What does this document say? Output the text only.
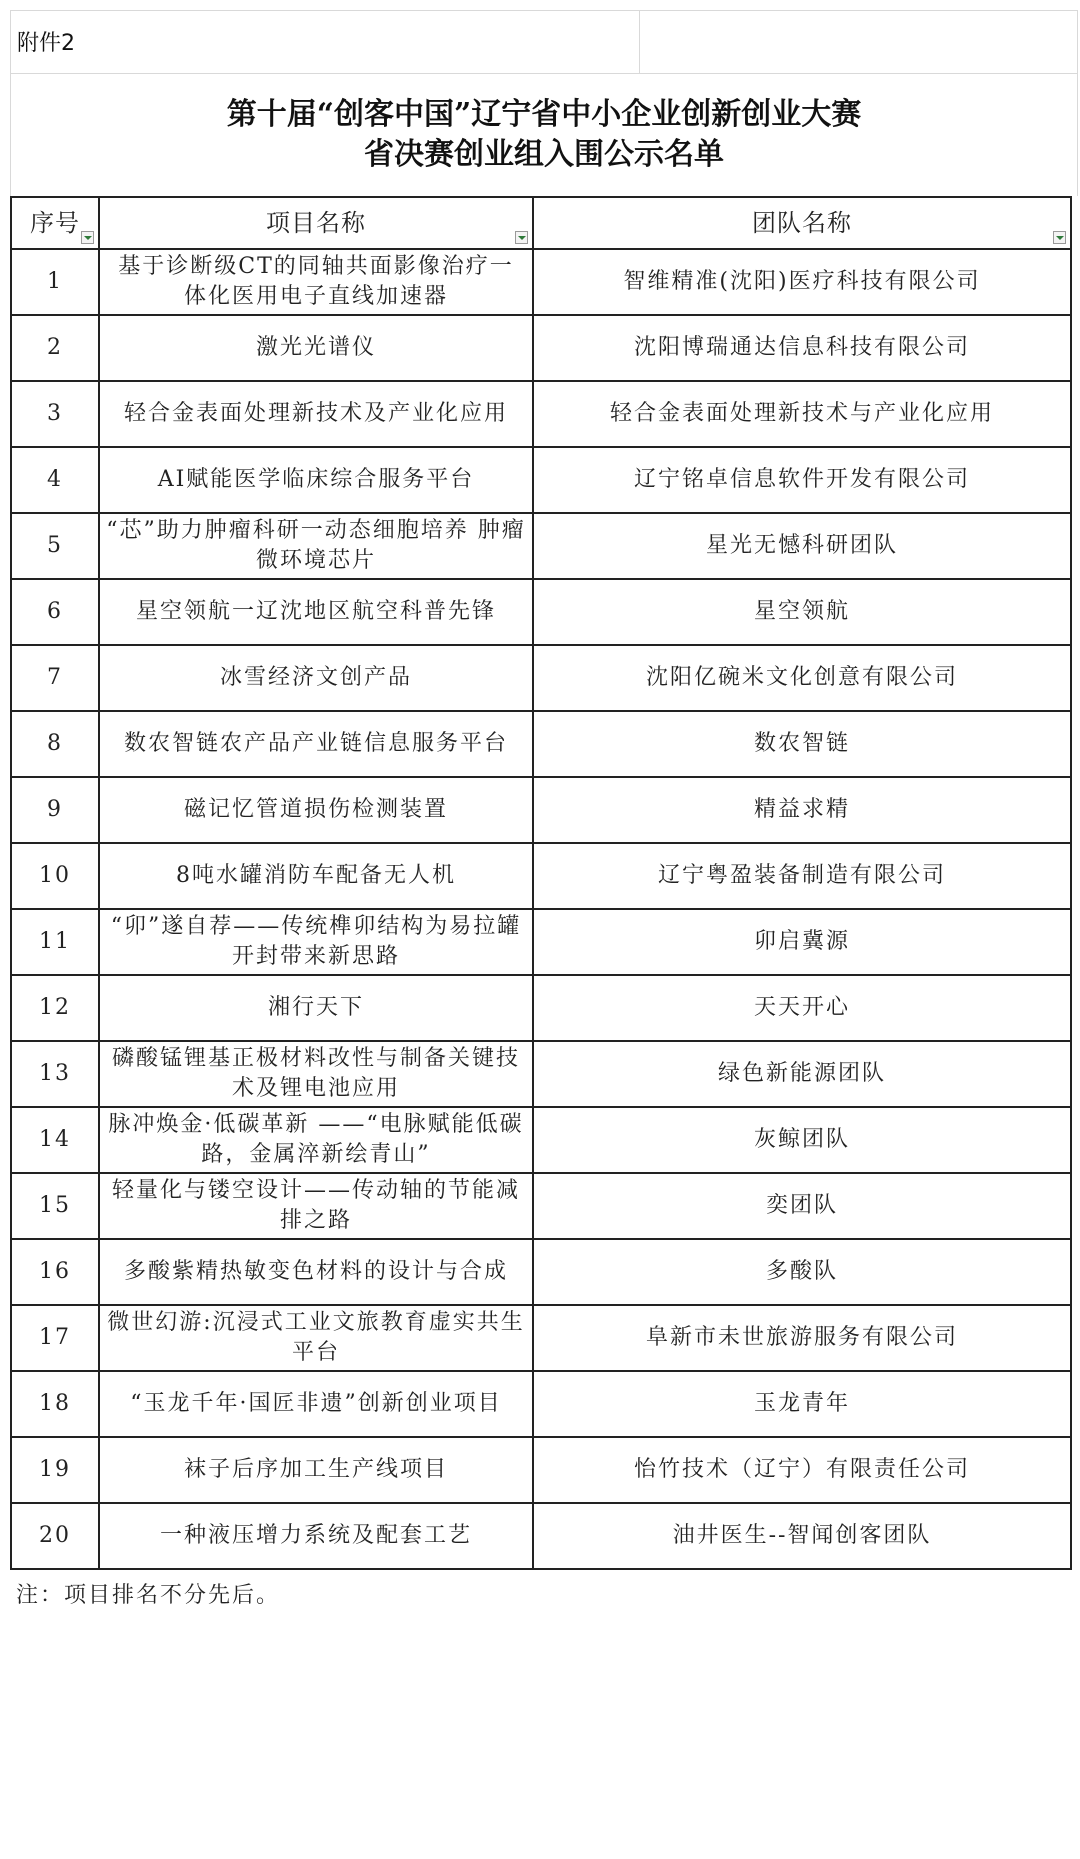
附件2
第十届“创客中国”辽宁省中小企业创新创业大赛
省决赛创业组入围公示名单
序号	项目名称	团队名称

1	基于诊断级CT的同轴共面影像治疗一 体化医用电子直线加速器	智维精准(沈阳)医疗科技有限公司
2	激光光谱仪	沈阳博瑞通达信息科技有限公司
3	轻合金表面处理新技术及产业化应用	轻合金表面处理新技术与产业化应用
4	AI赋能医学临床综合服务平台	辽宁铭卓信息软件开发有限公司
5	“芯”助力肿瘤科研一动态细胞培养 肿瘤微环境芯片	星光无憾科研团队
6	星空领航一辽沈地区航空科普先锋	星空领航
7	冰雪经济文创产品	沈阳亿碗米文化创意有限公司
8	数农智链农产品产业链信息服务平台	数农智链
9	磁记忆管道损伤检测装置	精益求精
10	8吨水罐消防车配备无人机	辽宁粤盈装备制造有限公司
11	“卯”遂自荐——传统榫卯结构为易拉罐开封带来新思路	卯启冀源
12	湘行天下	天天开心
13	磷酸锰锂基正极材料改性与制备关键技术及锂电池应用	绿色新能源团队
14	脉冲焕金·低碳革新 ——“电脉赋能低碳路，金属淬新绘青山”	灰鲸团队
15	轻量化与镂空设计——传动轴的节能减排之路	奕团队
16	多酸紫精热敏变色材料的设计与合成	多酸队
17	微世幻游:沉浸式工业文旅教育虚实共生平台	阜新市未世旅游服务有限公司
18	“玉龙千年·国匠非遗”创新创业项目	玉龙青年
19	袜子后序加工生产线项目	怡竹技术（辽宁）有限责任公司
20	一种液压增力系统及配套工艺	油井医生--智闻创客团队
注：项目排名不分先后。
